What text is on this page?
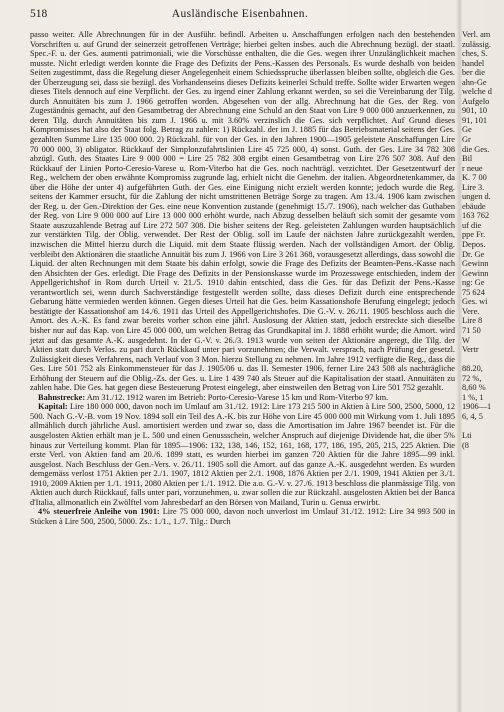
518	Ausländische Eisenbahnen.

passo weiter. Alle Abrechnungen für in der Ausführ. befindl. Arbeiten u. Anschaffungen erfolgen nach den bestehenden Vorschriften u. auf Grund der seinerzeit getroffenen Verträge; hierbei gelten insbes. auch die Abrechnung bezügl. der staatl. Spec.-F. u. der Ges. aumenti patrimoniali, wie die Vorschüsse enthalten, die die Ges. wegen ihrer Unzulänglichkeit machen musste. Nicht erledigt werden konnte die Frage des Defizits der Pens.-Kassen des Personals. Es wurde deshalb von beiden Seiten zugestimmt, dass die Regelung dieser Angelegenheit einem Schiedsspruche überlassen bleiben sollte, obgleich die Ges. der Überzeugung sei, dass sie bezügl. des Vorhandenseins dieses Defizits keinerlei Schuld treffe. Sollte wider Erwarten wegen dieses Titels dennoch auf eine Verpflicht. der Ges. zu irgend einer Zahlung erkannt werden, so sei die Vereinbarung der Tilg. durch Annuitäten bis zum J. 1966 getroffen worden. Abgesehen von der allg. Abrechnung hat die Ges. der Reg. von Zugeständnis gemacht, auf den Gesamtbetrag der Abrechnung eine Schuld an den Staat von Lire 9 000 000 anzuerkennen, zu deren Tilg. durch Annuitäten bis zum J. 1966 u. mit 3.60% verzinslich die Ges. sich verpflichtet. Auf Grund dieses Kompromisses hat also der Staat folg. Betrag zu zahlen: 1) Rückzahl. der im J. 1885 für das Betriebsmaterial seitens der Ges. gezahlten Summe Lire 135 000 000. 2) Rückzahl. für von der Ges. in den Jahren 1900—1905 geleistete Anschaffungen Lire 70 000 000, 3) obligator. Rückkauf der Simplonzufahrtslinien Lire 45 725 000, 4) sonst. Guth. der Ges. Lire 34 782 308 abzügl. Guth. des Staates Lire 9 000 000 = Lire 25 782 308 ergibt einen Gesamtbetrag von Lire 276 507 308. Auf den Rückkauf der Linien Porto-Ceresio-Varese u. Rom-Viterbo hat die Ges. noch nachträgl. verzichtet. Der Gesetzentwurf der Reg., welchem der oben erwähnte Kompromiss zugrunde lag, erhielt nicht die Genehm. der italien. Abgeordnetenkammer, da über die Höhe der unter 4) aufgeführten Guth. der Ges. eine Einigung nicht erzielt werden konnte; jedoch wurde die Reg. seitens der Kammer ersucht, für die Zahlung der nicht umstrittenen Beträge Sorge zu tragen. Am 13./4. 1906 kam zwischen der Reg. u. der Gen.-Direktion der Ges. eine neue Konvention zustande (genehmigt 15./7. 1906), nach welcher das Guthaben der Reg. von Lire 9 000 000 auf Lire 13 000 000 erhöht wurde, nach Abzug desselben beläuft sich somit der gesamte vom Staate auszuzahlende Betrag auf Lire 272 507 308. Die bisher seitens der Reg. geleisteten Zahlungen wurden hauptsächlich zur verstärkten Tilg. der Oblig. verwendet. Der Rest der Oblig. soll im Laufe der nächsten Jahre zurückgezahlt werden, inzwischen die Mittel hierzu durch die Liquid. mit dem Staate flüssig werden. Nach der vollständigen Amort. der Oblig. verbleibt den Aktionären die staatliche Annuität bis zum J. 1966 von Lire 3 261 368, vorausgesetzt allerdings, dass sowohl die Liquid. der alten Rechnungen mit dem Staate bis dahin erfolgt, sowie die Frage des Defizits der Beamten-Pens.-Kasse nach den Absichten der Ges. erledigt. Die Frage des Defizits in der Pensionskasse wurde im Prozesswege entschieden, indem der Appellgerichtshof in Rom durch Urteil v. 21./5. 1910 dahin entschied, dass die Ges. für das Defizit der Pens.-Kasse verantwortlich sei, wenn durch Sachverständige festgestellt werden sollte, dass dieses Defizit durch eine entsprechende Gebarung hätte vermieden werden können. Gegen dieses Urteil hat die Ges. beim Kassationshofe Berufung eingelegt; jedoch bestätigte der Kassationshof am 14./6. 1911 das Urteil des Appellgerichtshofes. Die G.-V. v. 26./11. 1905 beschloss auch die Amort. des A.-K. Es fand zwar bereits vorher schon eine jährl. Auslosung der Aktien statt, jedoch erstreckte sich dieselbe bisher nur auf das Kap. von Lire 45 000 000, um welchen Betrag das Grundkapital im J. 1888 erhöht wurde; die Amort. wird jetzt auf das gesamte A.-K. ausgedehnt. In der G.-V. v. 26./3. 1913 wurde von seiten der Aktionäre angeregt, die Tilg. der Aktien statt durch Verlos. zu pari durch Rückkauf unter pari vorzunehmen; die Verwalt. versprach, nach Prüfung der gesetzl. Zulässigkeit dieses Verfahrens, nach Verlauf von 3 Mon. hierzu Stellung zu nehmen. Im Jahre 1912 verfügte die Reg., dass die Ges. Lire 501 752 als Einkommensteuer für das J. 1905/06 u. das II. Semester 1906, ferner Lire 243 508 als nachträgliche Erhöhung der Steuern auf die Oblig.-Zs. der Ges. u. Lire 1 439 740 als Steuer auf die Kapitalisation der staatl. Annuitäten zu zahlen habe. Die Ges. hat gegen diese Besteuerung Protest eingelegt, aber einstweilen den Betrag von Lire 501 752 gezahlt.

Bahnstrecke: Am 31./12. 1912 waren im Betrieb: Porto-Ceresio-Varese 15 km und Rom-Viterbo 97 km.

Kapital: Lire 180 000 000, davon noch im Umlauf am 31./12. 1912: Lire 173 215 500 in Aktien à Lire 500, 2500, 5000, 12 500. Nach G.-V.-B. vom 19 Nov. 1894 soll ein Teil des A.-K. bis zur Höhe von Lire 45 000 000 mit Wirkung vom 1. Juli 1895 allmählich durch jährliche Ausl. amortisiert werden und zwar so, dass die Amortisation im Jahre 1967 beendet ist. Für die ausgelosten Aktien erhält man je L. 500 und einen Genussschein, welcher Anspruch auf diejenige Dividende hat, die über 5% hinaus zur Verteilung kommt. Plan für 1895—1906: 132, 138, 146, 152, 161, 168, 177, 186, 195, 205, 215, 225 Aktien. Die erste Verl. von Aktien fand am 20./6. 1899 statt, es wurden hierbei im ganzen 720 Aktien für die Jahre 1895—99 inkl. ausgelost. Nach Beschluss der Gen.-Vers. v. 26./11. 1905 soll die Amort. auf das ganze A.-K. ausgedehnt werden. Es wurden demgemäss verlost 1751 Aktien per 2./1. 1907, 1812 Aktien per 2./1. 1908, 1876 Aktien per 2./1. 1909, 1941 Aktien per 3./1. 1910, 2009 Aktien per 1./1. 1911, 2080 Aktien per 1./1. 1912. Die a.o. G.-V. v. 27./6. 1913 beschloss die planmässige Tilg. von Aktien auch durch Rückkauf, falls unter pari, vorzunehmen, u. zwar sollen die zur Rückzahl. ausgelosten Aktien bei der Banca d'Italia, allmonatlich ein Zwölftel vom Jahresbedarf an den Börsen von Mailand, Turin u. Genua erwirbt.

4% steuerfreie Anleihe von 1901: Lire 75 000 000, davon noch unverlost im Umlauf 31./12. 1912: Lire 34 993 500 in Stücken à Lire 500, 2500, 5000. Zs.: 1./1., 1./7. Tilg.: Durch

Verl. am
zulässig.
ches, S.
handel
ber die
ahn-Ge
welche d
Aufgelo
901, 10
91, 101
Ge
Gr
die Ges.
Bil
r neue
K. 7 00
Lire 3.
ungen d.
ebäude
163 762
uf die
ppe Fr.
Depos.
Dr. Ge
Gewinn
Gewinn
ng: Ge
75 624
Ges. wi
Vere.
Lire 8
71 50
W
Vertr
88.20,
72 %,
8,60 %
1 %, 1
1906—1
6, 4, 5
Lti
(8
